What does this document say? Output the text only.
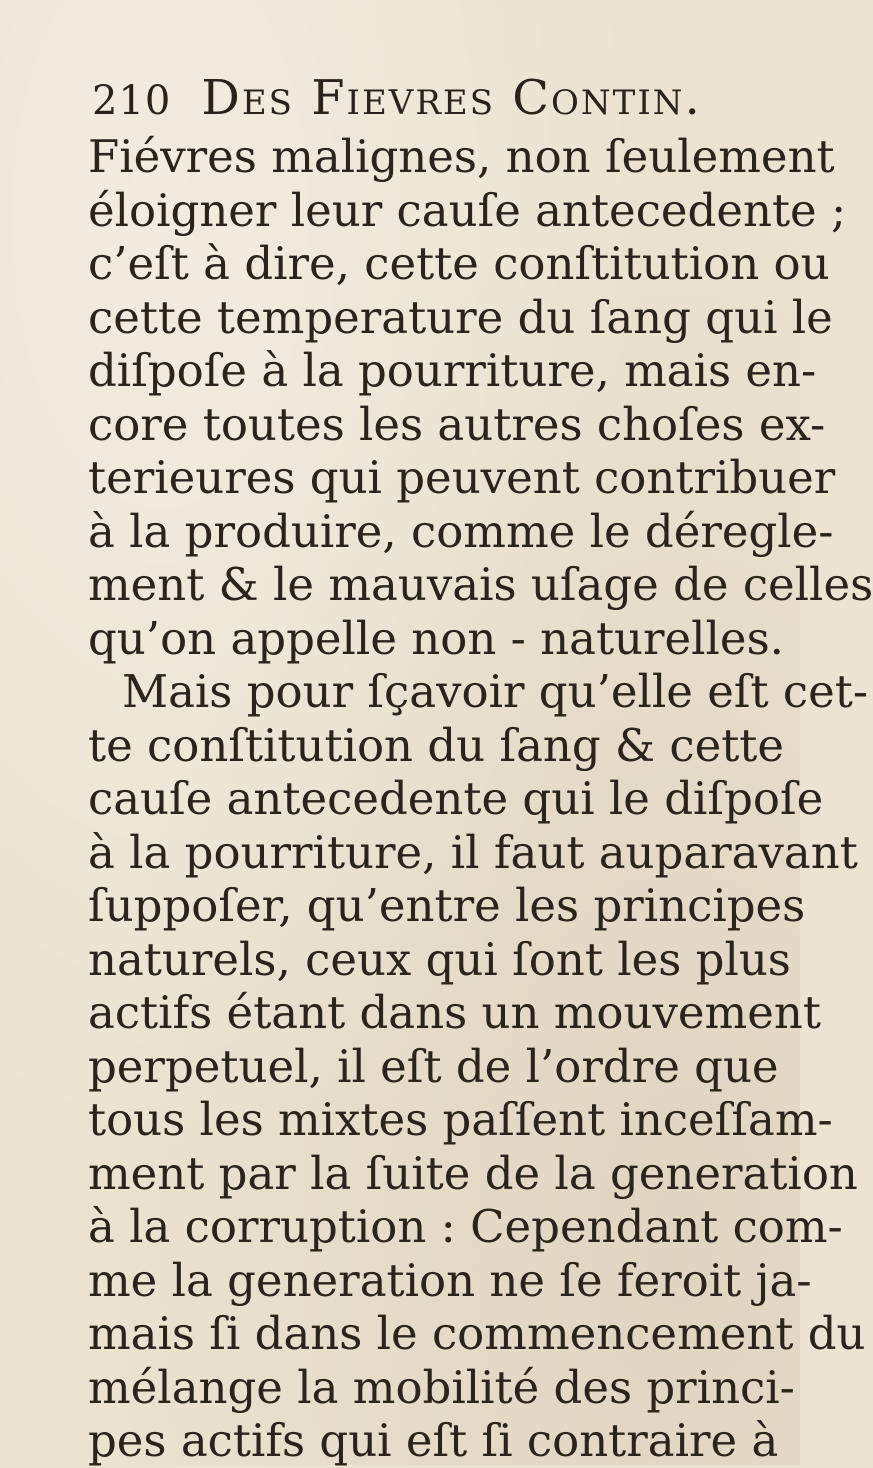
210 Des Fievres Contin.
Fiévres malignes, non ſeulement
éloigner leur cauſe antecedente ;
c’eſt à dire, cette conſtitution ou
cette temperature du ſang qui le
diſpoſe à la pourriture, mais en-
core toutes les autres choſes ex-
terieures qui peuvent contribuer
à la produire, comme le déregle-
ment & le mauvais uſage de celles
qu’on appelle non - naturelles.
Mais pour ſçavoir qu’elle eſt cet-
te conſtitution du ſang & cette
cauſe antecedente qui le diſpoſe
à la pourriture, il faut auparavant
ſuppoſer, qu’entre les principes
naturels, ceux qui ſont les plus
actifs étant dans un mouvement
perpetuel, il eſt de l’ordre que
tous les mixtes paſſent inceſſam-
ment par la ſuite de la generation
à la corruption : Cependant com-
me la generation ne ſe feroit ja-
mais ſi dans le commencement du
mélange la mobilité des princi-
pes actifs qui eſt ſi contraire à
